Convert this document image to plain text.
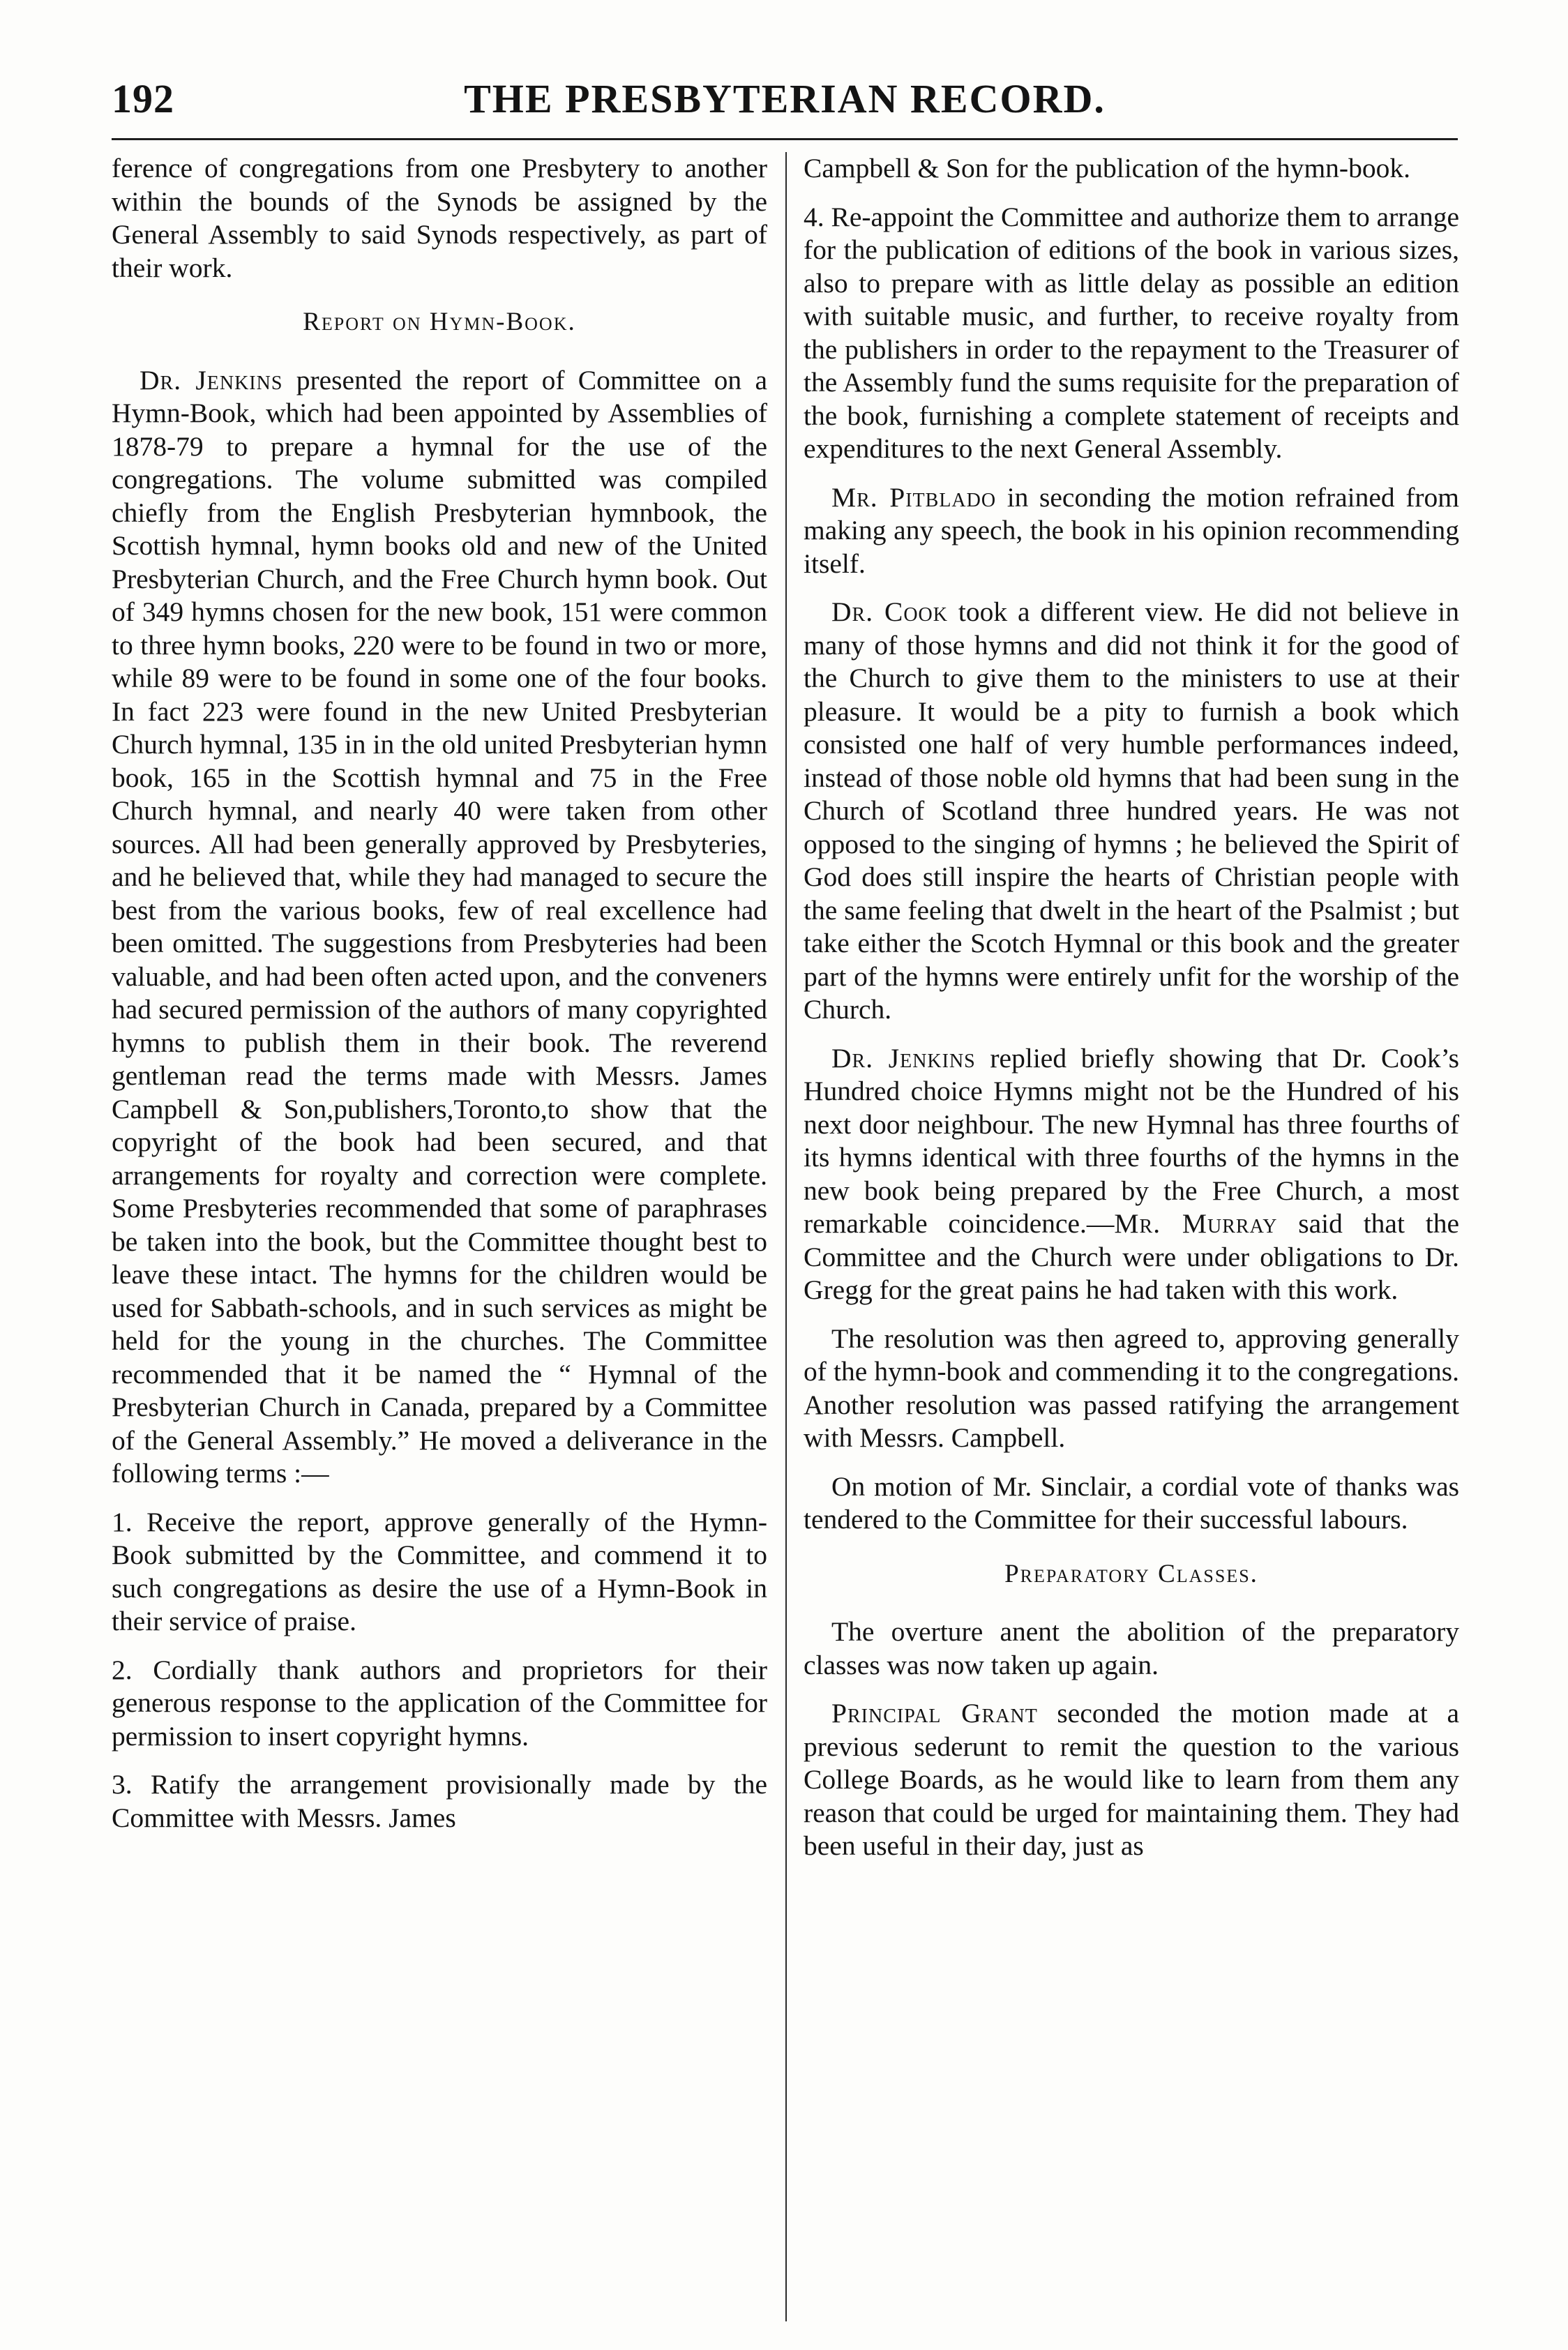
192	THE PRESBYTERIAN RECORD.

ference of congregations from one Presbytery to another within the bounds of the Synods be assigned by the General Assembly to said Synods respectively, as part of their work.

Report on Hymn-Book.

Dr. Jenkins presented the report of Committee on a Hymn-Book, which had been appointed by Assemblies of 1878-79 to prepare a hymnal for the use of the congregations. The volume submitted was compiled chiefly from the English Presbyterian hymnbook, the Scottish hymnal, hymn books old and new of the United Presbyterian Church, and the Free Church hymn book. Out of 349 hymns chosen for the new book, 151 were common to three hymn books, 220 were to be found in two or more, while 89 were to be found in some one of the four books. In fact 223 were found in the new United Presbyterian Church hymnal, 135 in in the old united Presbyterian hymn book, 165 in the Scottish hymnal and 75 in the Free Church hymnal, and nearly 40 were taken from other sources. All had been generally approved by Presbyteries, and he believed that, while they had managed to secure the best from the various books, few of real excellence had been omitted. The suggestions from Presbyteries had been valuable, and had been often acted upon, and the conveners had secured permission of the authors of many copyrighted hymns to publish them in their book. The reverend gentleman read the terms made with Messrs. James Campbell & Son,publishers,Toronto,to show that the copyright of the book had been secured, and that arrangements for royalty and correction were complete. Some Presbyteries recommended that some of paraphrases be taken into the book, but the Committee thought best to leave these intact. The hymns for the children would be used for Sabbath-schools, and in such services as might be held for the young in the churches. The Committee recommended that it be named the “ Hymnal of the Presbyterian Church in Canada, prepared by a Committee of the General Assembly.” He moved a deliverance in the following terms :—

1. Receive the report, approve generally of the Hymn-Book submitted by the Committee, and commend it to such congregations as desire the use of a Hymn-Book in their service of praise.

2. Cordially thank authors and proprietors for their generous response to the application of the Committee for permission to insert copyright hymns.

3. Ratify the arrangement provisionally made by the Committee with Messrs. James

Campbell & Son for the publication of the hymn-book.

4. Re-appoint the Committee and authorize them to arrange for the publication of editions of the book in various sizes, also to prepare with as little delay as possible an edition with suitable music, and further, to receive royalty from the publishers in order to the repayment to the Treasurer of the Assembly fund the sums requisite for the preparation of the book, furnishing a complete statement of receipts and expenditures to the next General Assembly.

Mr. Pitblado in seconding the motion refrained from making any speech, the book in his opinion recommending itself.

Dr. Cook took a different view. He did not believe in many of those hymns and did not think it for the good of the Church to give them to the ministers to use at their pleasure. It would be a pity to furnish a book which consisted one half of very humble performances indeed, instead of those noble old hymns that had been sung in the Church of Scotland three hundred years. He was not opposed to the singing of hymns ; he believed the Spirit of God does still inspire the hearts of Christian people with the same feeling that dwelt in the heart of the Psalmist ; but take either the Scotch Hymnal or this book and the greater part of the hymns were entirely unfit for the worship of the Church.

Dr. Jenkins replied briefly showing that Dr. Cook’s Hundred choice Hymns might not be the Hundred of his next door neighbour. The new Hymnal has three fourths of its hymns identical with three fourths of the hymns in the new book being prepared by the Free Church, a most remarkable coincidence.—Mr. Murray said that the Committee and the Church were under obligations to Dr. Gregg for the great pains he had taken with this work.

The resolution was then agreed to, approving generally of the hymn-book and commending it to the congregations. Another resolution was passed ratifying the arrangement with Messrs. Campbell.

On motion of Mr. Sinclair, a cordial vote of thanks was tendered to the Committee for their successful labours.

Preparatory Classes.

The overture anent the abolition of the preparatory classes was now taken up again.

Principal Grant seconded the motion made at a previous sederunt to remit the question to the various College Boards, as he would like to learn from them any reason that could be urged for maintaining them. They had been useful in their day, just as
